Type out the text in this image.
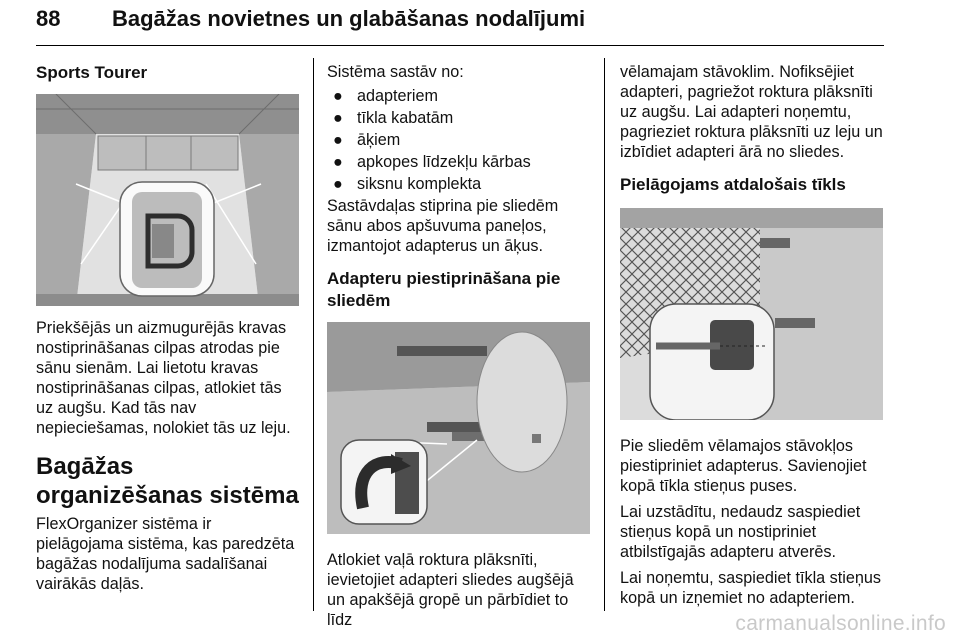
88 Bagāžas novietnes un glabāšanas nodalījumi

Sports Tourer

Priekšējās un aizmugurējās kravas nostiprināšanas cilpas atrodas pie sānu sienām. Lai lietotu kravas nostiprināšanas cilpas, atlokiet tās uz augšu. Kad tās nav nepieciešamas, nolokiet tās uz leju.

Bagāžas organizēšanas sistēma

FlexOrganizer sistēma ir pielāgojama sistēma, kas paredzēta bagāžas nodalījuma sadalīšanai vairākās daļās.

Sistēma sastāv no:

● adapteriem
● tīkla kabatām
● āķiem
● apkopes līdzekļu kārbas
● siksnu komplekta

Sastāvdaļas stiprina pie sliedēm sānu abos apšuvuma paneļos, izmantojot adapterus un āķus.

Adapteru piestiprināšana pie sliedēm

Atlokiet vaļā roktura plāksnīti, ievietojiet adapteri sliedes augšējā un apakšējā gropē un pārbīdiet to līdz

vēlamajam stāvoklim. Nofiksējiet adapteri, pagriežot roktura plāksnīti uz augšu. Lai adapteri noņemtu, pagrieziet roktura plāksnīti uz leju un izbīdiet adapteri ārā no sliedes.

Pielāgojams atdalošais tīkls

Pie sliedēm vēlamajos stāvokļos piestipriniet adapterus. Savienojiet kopā tīkla stieņus puses.

Lai uzstādītu, nedaudz saspiediet stieņus kopā un nostipriniet atbilstīgajās adapteru atverēs.

Lai noņemtu, saspiediet tīkla stieņus kopā un izņemiet no adapteriem.

carmanualsonline.info
